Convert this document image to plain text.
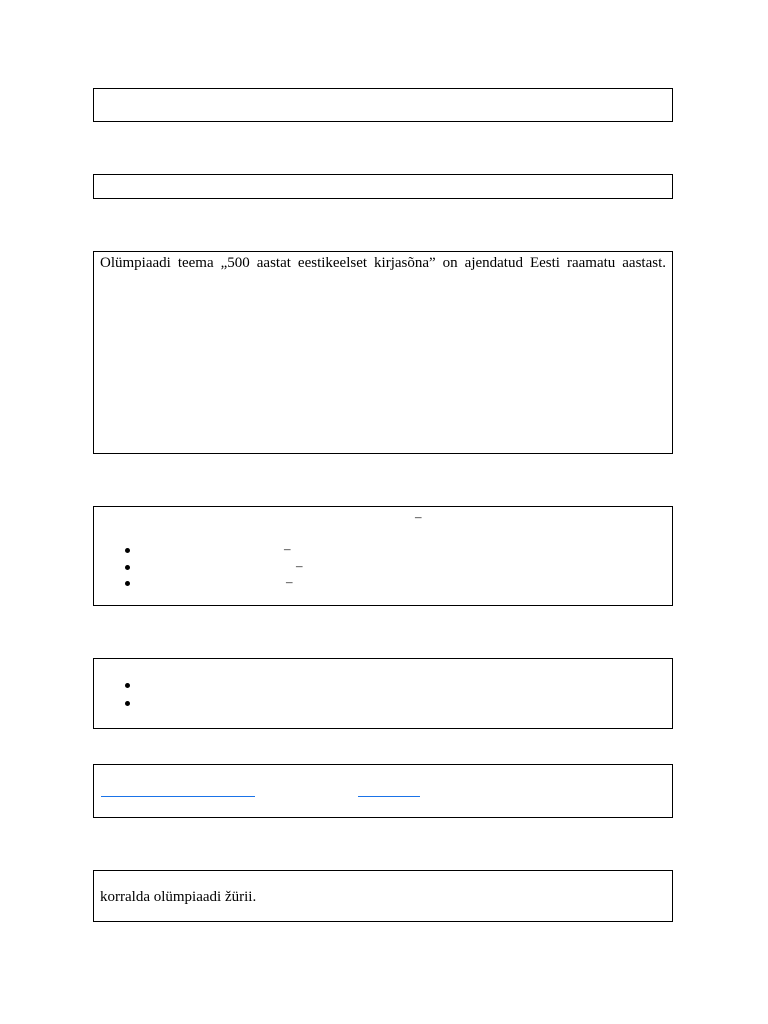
Olümpiaadi teema „500 aastat eestikeelset kirjasõna” on ajendatud Eesti raamatu aastast.
–
–
–
–
korralda olümpiaadi žürii.
